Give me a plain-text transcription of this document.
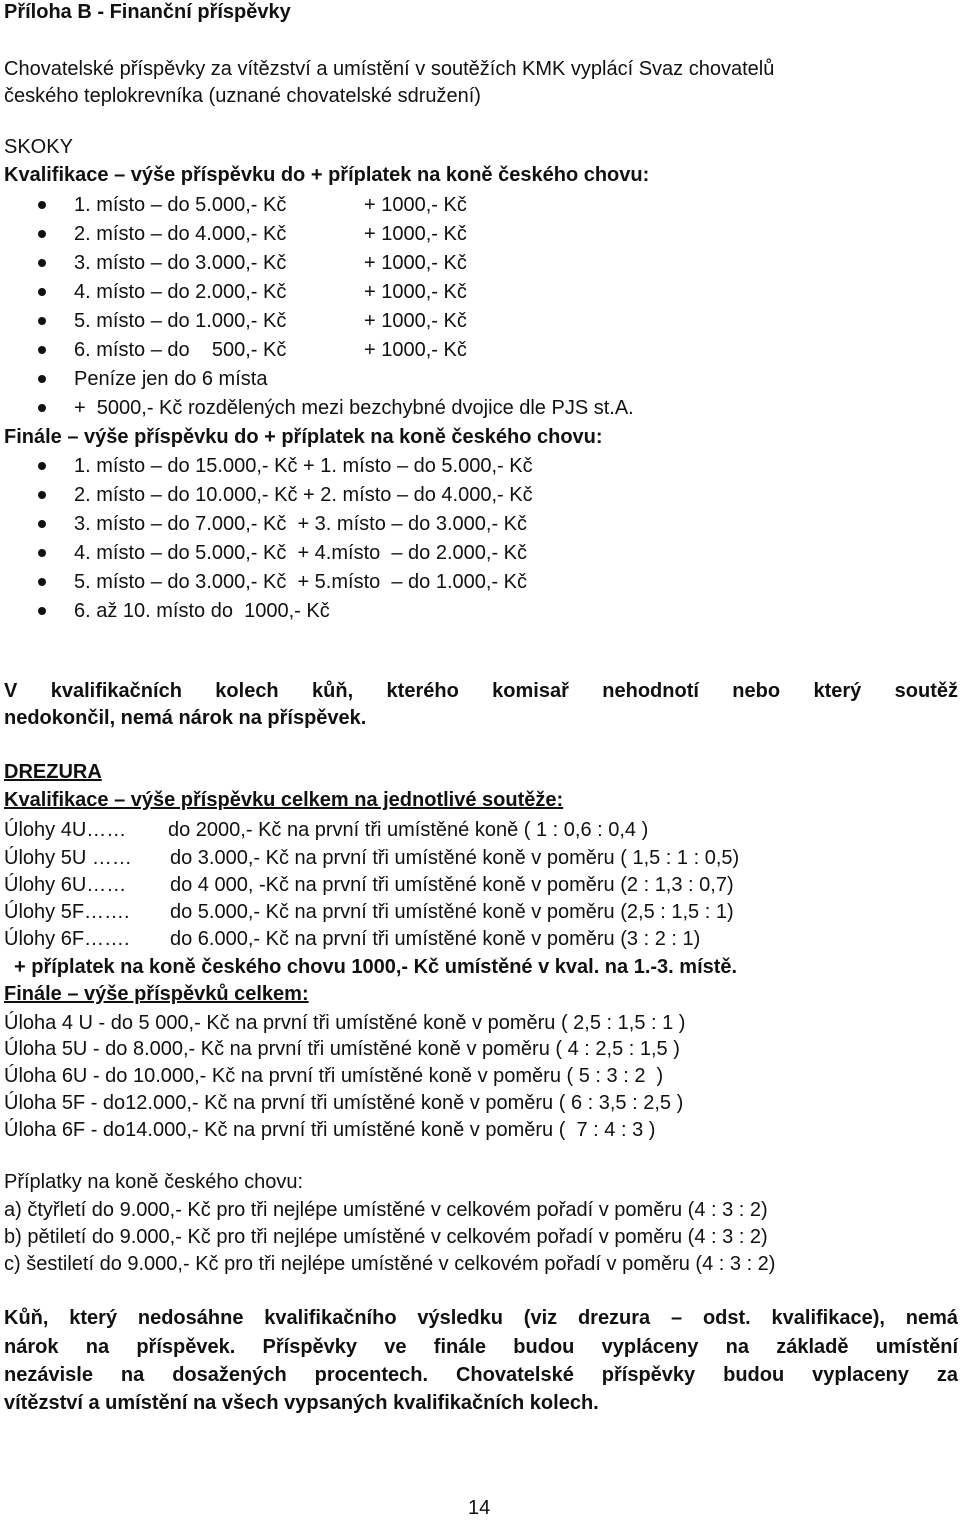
Příloha B - Finanční příspěvky
Chovatelské příspěvky za vítězství a umístění v soutěžích KMK vyplácí Svaz chovatelů
českého teplokrevníka (uznané chovatelské sdružení)
SKOKY
Kvalifikace – výše příspěvku do + příplatek na koně českého chovu:
1. místo – do 5.000,- Kč	+ 1000,- Kč
2. místo – do 4.000,- Kč	+ 1000,- Kč
3. místo – do 3.000,- Kč	+ 1000,- Kč
4. místo – do 2.000,- Kč	+ 1000,- Kč
5. místo – do 1.000,- Kč	+ 1000,- Kč
6. místo – do    500,- Kč	+ 1000,- Kč
Peníze jen do 6 místa
+  5000,- Kč rozdělených mezi bezchybné dvojice dle PJS st.A.
Finále – výše příspěvku do + příplatek na koně českého chovu:
1. místo – do 15.000,- Kč + 1. místo – do 5.000,- Kč
2. místo – do 10.000,- Kč + 2. místo – do 4.000,- Kč
3. místo – do 7.000,- Kč  + 3. místo – do 3.000,- Kč
4. místo – do 5.000,- Kč  + 4.místo  – do 2.000,- Kč
5. místo – do 3.000,- Kč  + 5.místo  – do 1.000,- Kč
6. až 10. místo do  1000,- Kč
V kvalifikačních kolech kůň, kterého komisař nehodnotí nebo který soutěž
nedokončil, nemá nárok na příspěvek.
DREZURA
Kvalifikace – výše příspěvku celkem na jednotlivé soutěže:
Úlohy 4U…… do 2000,- Kč na první tři umístěné koně ( 1 : 0,6 : 0,4 )
Úlohy 5U …… do 3.000,- Kč na první tři umístěné koně v poměru ( 1,5 : 1 : 0,5)
Úlohy 6U…… do 4 000, -Kč na první tři umístěné koně v poměru (2 : 1,3 : 0,7)
Úlohy 5F……. do 5.000,- Kč na první tři umístěné koně v poměru (2,5 : 1,5 : 1)
Úlohy 6F……. do 6.000,- Kč na první tři umístěné koně v poměru (3 : 2 : 1)
+ příplatek na koně českého chovu 1000,- Kč umístěné v kval. na 1.-3. místě.
Finále – výše příspěvků celkem:
Úloha 4 U - do 5 000,- Kč na první tři umístěné koně v poměru ( 2,5 : 1,5 : 1 )
Úloha 5U - do 8.000,- Kč na první tři umístěné koně v poměru ( 4 : 2,5 : 1,5 )
Úloha 6U - do 10.000,- Kč na první tři umístěné koně v poměru ( 5 : 3 : 2  )
Úloha 5F - do12.000,- Kč na první tři umístěné koně v poměru ( 6 : 3,5 : 2,5 )
Úloha 6F - do14.000,- Kč na první tři umístěné koně v poměru (  7 : 4 : 3 )
Příplatky na koně českého chovu:
a) čtyřletí do 9.000,- Kč pro tři nejlépe umístěné v celkovém pořadí v poměru (4 : 3 : 2)
b) pětiletí do 9.000,- Kč pro tři nejlépe umístěné v celkovém pořadí v poměru (4 : 3 : 2)
c) šestiletí do 9.000,- Kč pro tři nejlépe umístěné v celkovém pořadí v poměru (4 : 3 : 2)
Kůň, který nedosáhne kvalifikačního výsledku (viz drezura – odst. kvalifikace), nemá
nárok na příspěvek. Příspěvky ve finále budou vypláceny na základě umístění
nezávisle na dosažených procentech. Chovatelské příspěvky budou vyplaceny za
vítězství a umístění na všech vypsaných kvalifikačních kolech.
14
